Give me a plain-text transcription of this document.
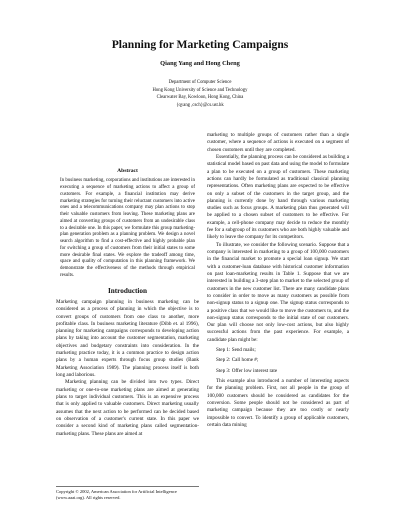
Planning for Marketing Campaigns
Qiang Yang and Hong Cheng
Department of Computer Science
Hong Kong University of Science and Technology
Clearwater Bay, Kowloon, Hong Kong, China
{qyang ,csch}@cs.ust.hk
Abstract

In business marketing, corporations and institutions are interested in executing a sequence of marketing actions to affect a group of customers. For example, a financial institution may derive marketing strategies for turning their reluctant customers into active ones and a telecommunications company may plan actions to stop their valuable customers from leaving. These marketing plans are aimed at converting groups of customers from an undesirable class to a desirable one. In this paper, we formulate this group marketing-plan generation problem as a planning problem. We design a novel search algorithm to find a cost-effective and highly probable plan for switching a group of customers from their initial states to some more desirable final states. We explore the tradeoff among time, space and quality of computation in this planning framework. We demonstrate the effectiveness of the methods through empirical results.

Introduction

Marketing campaign planning in business marketing can be considered as a process of planning in which the objective is to convert groups of customers from one class to another, more profitable class. In business marketing literature (Dibb et. al 1996), planning for marketing campaigns corresponds to developing action plans by taking into account the customer segmentation, marketing objectives and budgetary constraints into consideration. In the marketing practice today, it is a common practice to design action plans by a human experts through focus group studies (Bank Marketing Association 1989). The planning process itself is both long and laborious.

Marketing planning can be divided into two types. Direct marketing or one-to-one marketing plans are aimed at generating plans to target individual customers. This is an expensive process that is only applied to valuable customers. Direct marketing usually assumes that the next action to be performed can be decided based on observation of a customer's current state. In this paper we consider a second kind of marketing plans called segmentation-marketing plans. These plans are aimed at

marketing to multiple groups of customers rather than a single customer, where a sequence of actions is executed on a segment of chosen customers until they are completed.

Essentially, the planning process can be considered as building a statistical model based on past data and using the model to formulate a plan to be executed on a group of customers. These marketing actions can hardly be formulated as traditional classical planning representations. Often marketing plans are expected to be effective on only a subset of the customers in the target group, and the planning is currently done by hand through various marketing studies such as focus groups. A marketing plan thus generated will be applied to a chosen subset of customers to be effective. For example, a cell-phone company may decide to reduce the monthly fee for a subgroup of its customers who are both highly valuable and likely to leave the company for its competitors.

To illustrate, we consider the following scenario. Suppose that a company is interested in marketing to a group of 100,000 customers in the financial market to promote a special loan signup. We start with a customer-loan database with historical customer information on past loan-marketing results in Table 1. Suppose that we are interested in building a 3-step plan to market to the selected group of customers in the new customer list. There are many candidate plans to consider in order to move as many customers as possible from non-signup status to a signup one. The signup status corresponds to a positive class that we would like to move the customers to, and the non-signup status corresponds to the initial state of our customers. Our plan will choose not only low-cost actions, but also highly successful actions from the past experience. For example, a candidate plan might be:

Step 1: Send mails;
Step 2: Call home #;
Step 3: Offer low interest rate

This example also introduced a number of interesting aspects for the planning problem. First, not all people in the group of 100,000 customers should be considered as candidates for the conversion. Some people should not be considered as part of marketing campaign because they are too costly or nearly impossible to convert. To identify a group of applicable customers, certain data mining

Copyright © 2002, American Association for Artificial Intelligence
(www.aaai.org). All rights reserved.
